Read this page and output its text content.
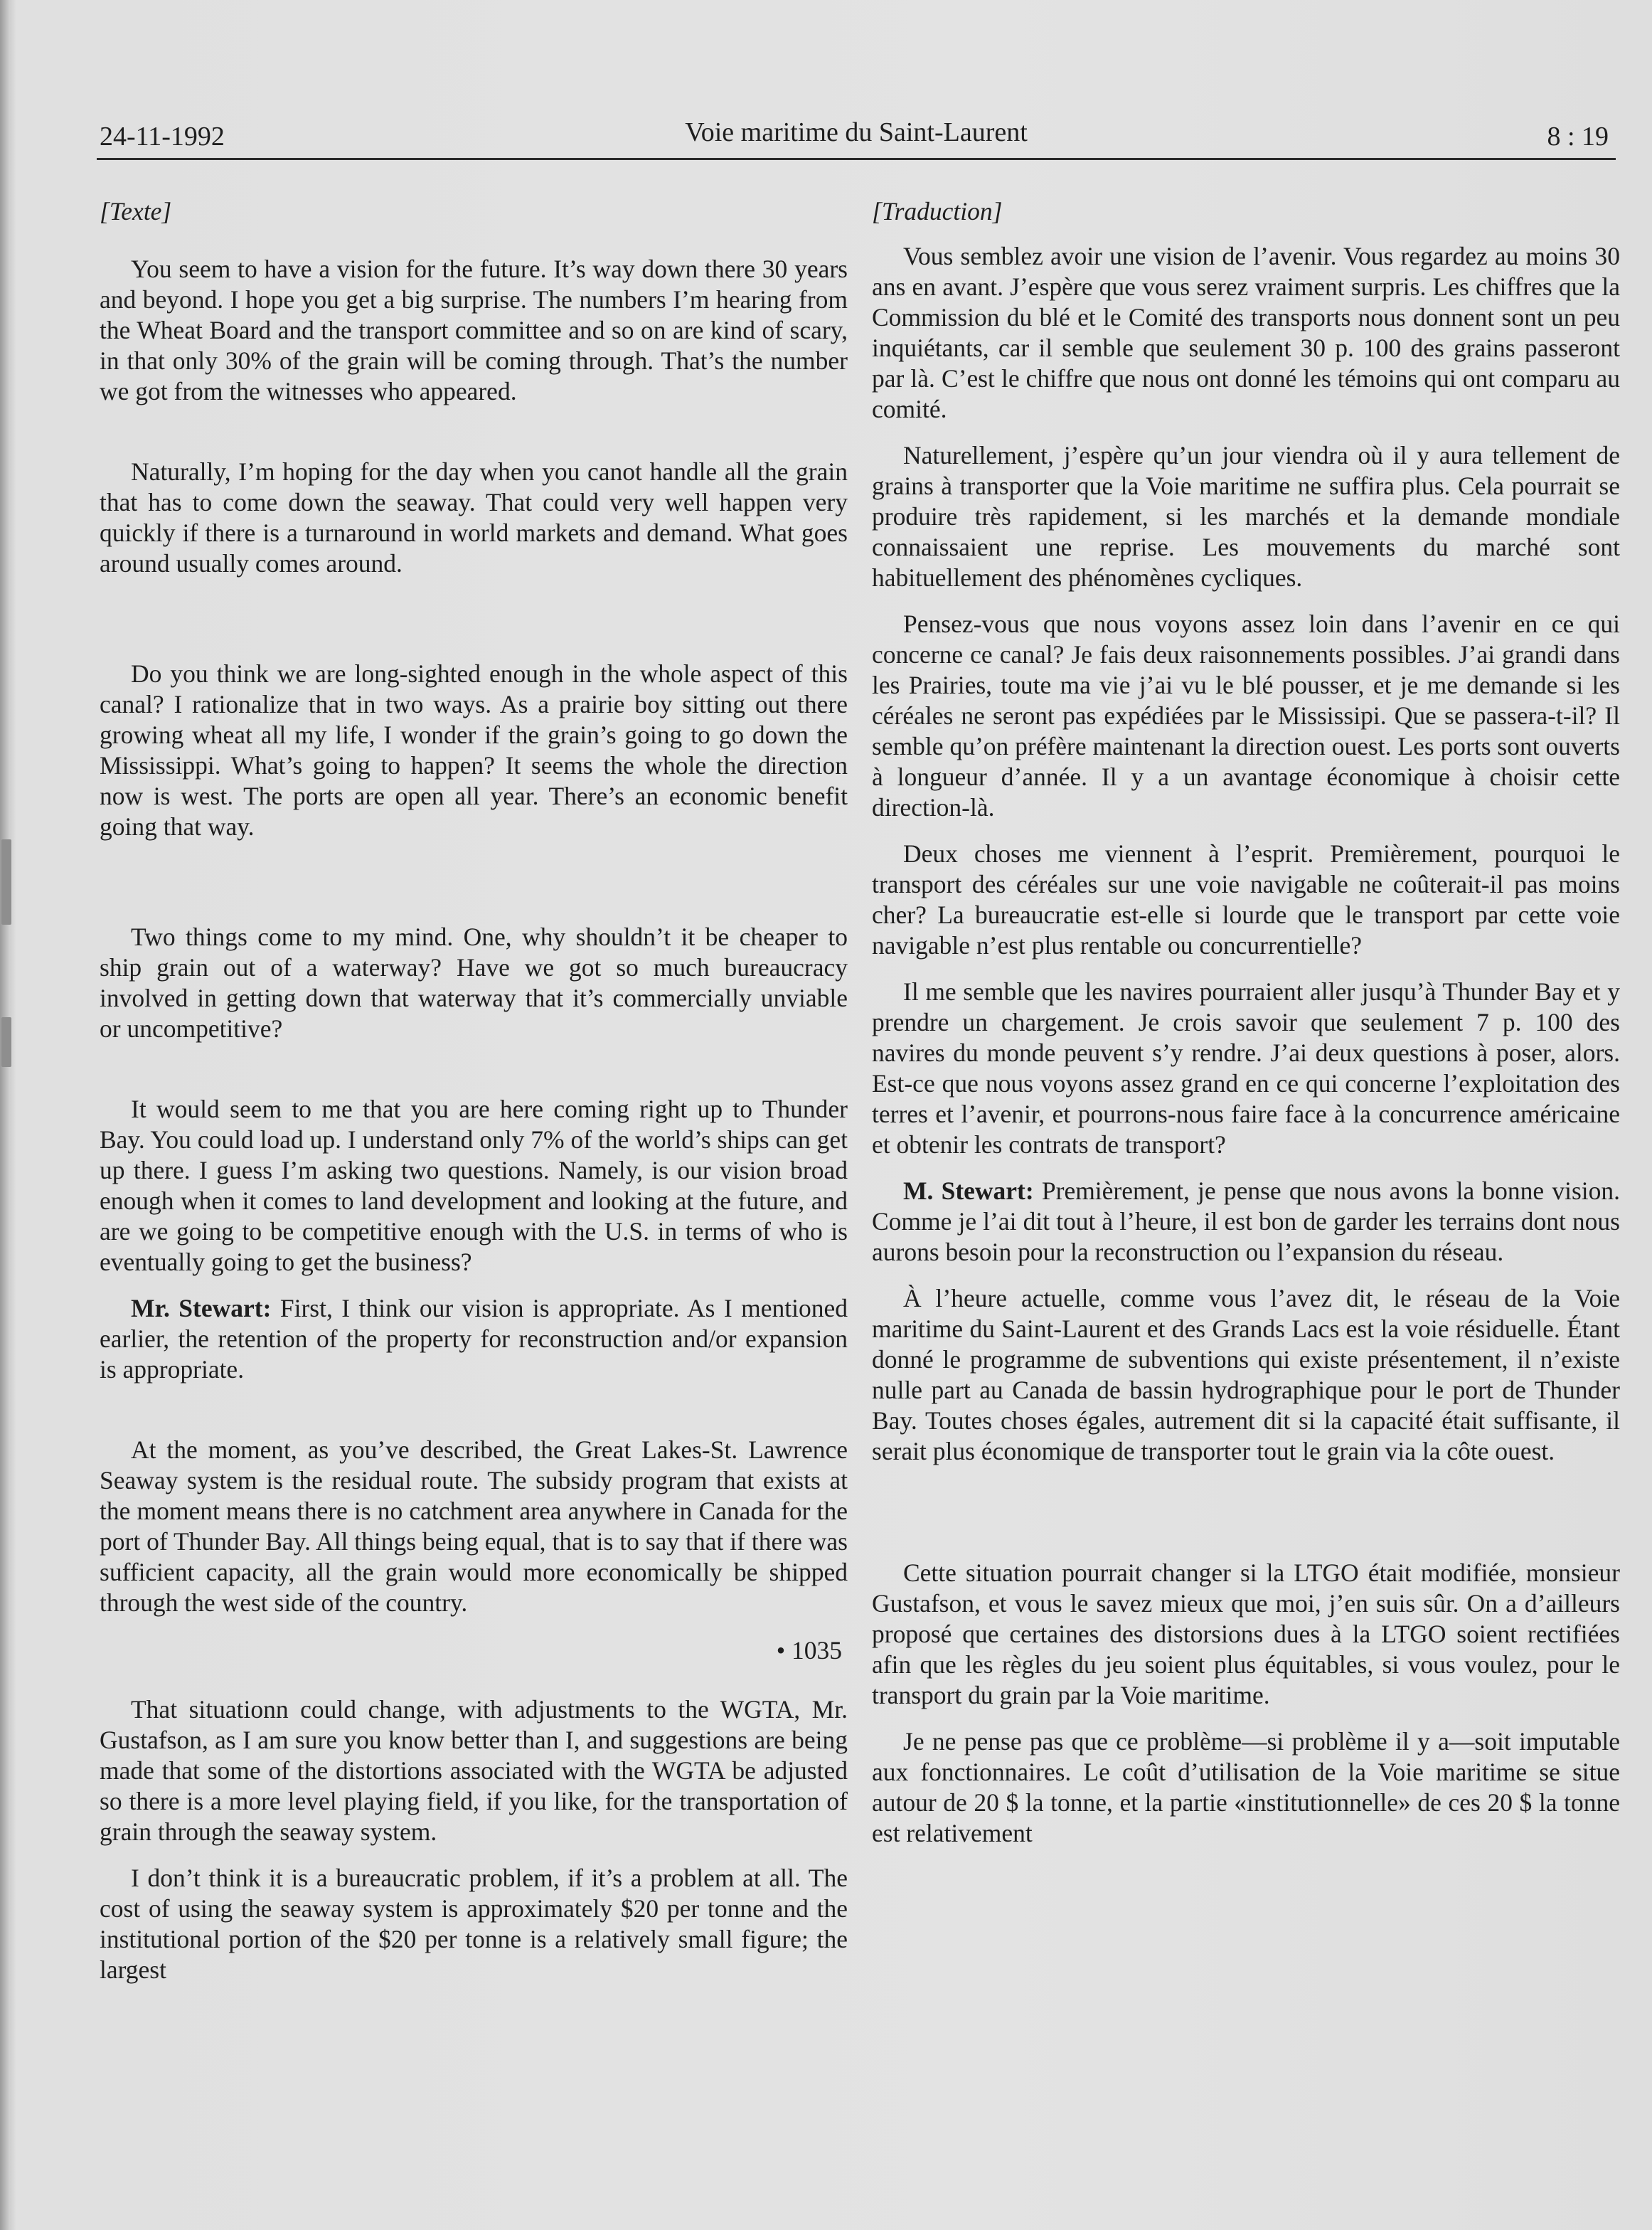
24-11-1992	Voie maritime du Saint-Laurent	8 : 19

[Texte]

You seem to have a vision for the future. It’s way down there 30 years and beyond. I hope you get a big surprise. The numbers I’m hearing from the Wheat Board and the transport committee and so on are kind of scary, in that only 30% of the grain will be coming through. That’s the number we got from the witnesses who appeared.

Naturally, I’m hoping for the day when you canot handle all the grain that has to come down the seaway. That could very well happen very quickly if there is a turnaround in world markets and demand. What goes around usually comes around.

Do you think we are long-sighted enough in the whole aspect of this canal? I rationalize that in two ways. As a prairie boy sitting out there growing wheat all my life, I wonder if the grain’s going to go down the Mississippi. What’s going to happen? It seems the whole the direction now is west. The ports are open all year. There’s an economic benefit going that way.

Two things come to my mind. One, why shouldn’t it be cheaper to ship grain out of a waterway? Have we got so much bureaucracy involved in getting down that waterway that it’s commercially unviable or uncompetitive?

It would seem to me that you are here coming right up to Thunder Bay. You could load up. I understand only 7% of the world’s ships can get up there. I guess I’m asking two questions. Namely, is our vision broad enough when it comes to land development and looking at the future, and are we going to be competitive enough with the U.S. in terms of who is eventually going to get the business?

Mr. Stewart: First, I think our vision is appropriate. As I mentioned earlier, the retention of the property for reconstruction and/or expansion is appropriate.

At the moment, as you’ve described, the Great Lakes-St. Lawrence Seaway system is the residual route. The subsidy program that exists at the moment means there is no catchment area anywhere in Canada for the port of Thunder Bay. All things being equal, that is to say that if there was sufficient capacity, all the grain would more economically be shipped through the west side of the country.

• 1035

That situationn could change, with adjustments to the WGTA, Mr. Gustafson, as I am sure you know better than I, and suggestions are being made that some of the distortions associated with the WGTA be adjusted so there is a more level playing field, if you like, for the transportation of grain through the seaway system.

I don’t think it is a bureaucratic problem, if it’s a problem at all. The cost of using the seaway system is approximately $20 per tonne and the institutional portion of the $20 per tonne is a relatively small figure; the largest

[Traduction]

Vous semblez avoir une vision de l’avenir. Vous regardez au moins 30 ans en avant. J’espère que vous serez vraiment surpris. Les chiffres que la Commission du blé et le Comité des transports nous donnent sont un peu inquiétants, car il semble que seulement 30 p. 100 des grains passeront par là. C’est le chiffre que nous ont donné les témoins qui ont comparu au comité.

Naturellement, j’espère qu’un jour viendra où il y aura tellement de grains à transporter que la Voie maritime ne suffira plus. Cela pourrait se produire très rapidement, si les marchés et la demande mondiale connaissaient une reprise. Les mouvements du marché sont habituellement des phénomènes cycliques.

Pensez-vous que nous voyons assez loin dans l’avenir en ce qui concerne ce canal? Je fais deux raisonnements possibles. J’ai grandi dans les Prairies, toute ma vie j’ai vu le blé pousser, et je me demande si les céréales ne seront pas expédiées par le Mississipi. Que se passera-t-il? Il semble qu’on préfère maintenant la direction ouest. Les ports sont ouverts à longueur d’année. Il y a un avantage économique à choisir cette direction-là.

Deux choses me viennent à l’esprit. Premièrement, pourquoi le transport des céréales sur une voie navigable ne coûterait-il pas moins cher? La bureaucratie est-elle si lourde que le transport par cette voie navigable n’est plus rentable ou concurrentielle?

Il me semble que les navires pourraient aller jusqu’à Thunder Bay et y prendre un chargement. Je crois savoir que seulement 7 p. 100 des navires du monde peuvent s’y rendre. J’ai deux questions à poser, alors. Est-ce que nous voyons assez grand en ce qui concerne l’exploitation des terres et l’avenir, et pourrons-nous faire face à la concurrence américaine et obtenir les contrats de transport?

M. Stewart: Premièrement, je pense que nous avons la bonne vision. Comme je l’ai dit tout à l’heure, il est bon de garder les terrains dont nous aurons besoin pour la reconstruction ou l’expansion du réseau.

À l’heure actuelle, comme vous l’avez dit, le réseau de la Voie maritime du Saint-Laurent et des Grands Lacs est la voie résiduelle. Étant donné le programme de subventions qui existe présentement, il n’existe nulle part au Canada de bassin hydrographique pour le port de Thunder Bay. Toutes choses égales, autrement dit si la capacité était suffisante, il serait plus économique de transporter tout le grain via la côte ouest.

Cette situation pourrait changer si la LTGO était modifiée, monsieur Gustafson, et vous le savez mieux que moi, j’en suis sûr. On a d’ailleurs proposé que certaines des distorsions dues à la LTGO soient rectifiées afin que les règles du jeu soient plus équitables, si vous voulez, pour le transport du grain par la Voie maritime.

Je ne pense pas que ce problème—si problème il y a—soit imputable aux fonctionnaires. Le coût d’utilisation de la Voie maritime se situe autour de 20 $ la tonne, et la partie «institutionnelle» de ces 20 $ la tonne est relativement
